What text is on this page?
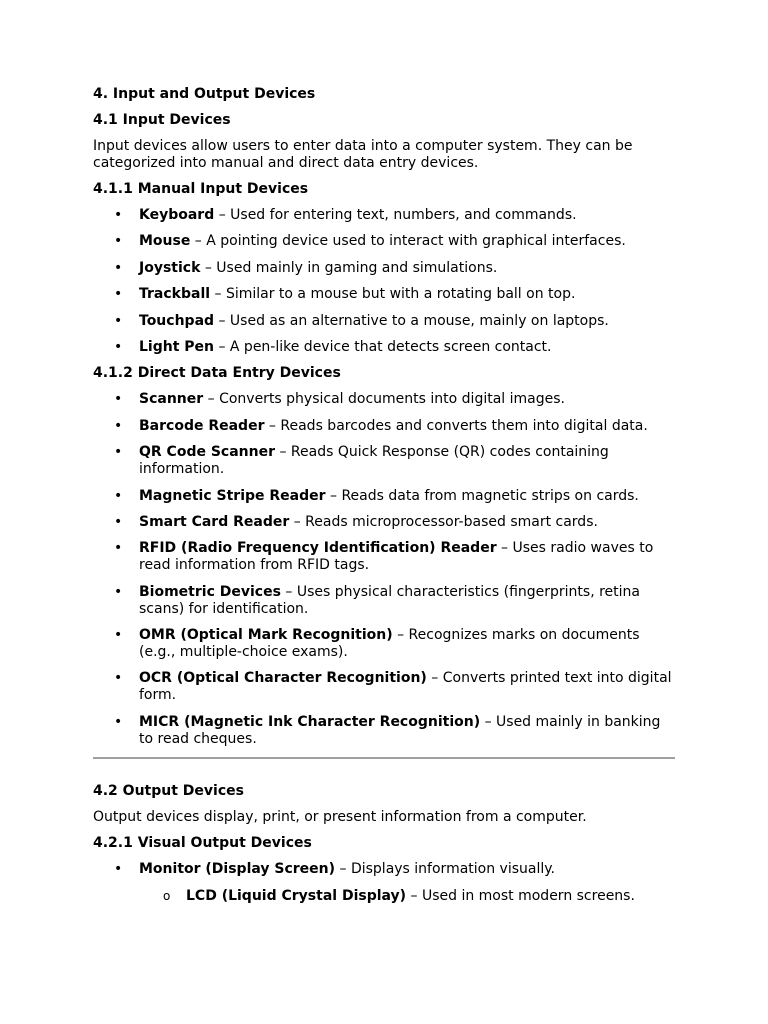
4. Input and Output Devices
4.1 Input Devices
Input devices allow users to enter data into a computer system. They can be categorized into manual and direct data entry devices.
4.1.1 Manual Input Devices
• Keyboard – Used for entering text, numbers, and commands.
• Mouse – A pointing device used to interact with graphical interfaces.
• Joystick – Used mainly in gaming and simulations.
• Trackball – Similar to a mouse but with a rotating ball on top.
• Touchpad – Used as an alternative to a mouse, mainly on laptops.
• Light Pen – A pen-like device that detects screen contact.
4.1.2 Direct Data Entry Devices
• Scanner – Converts physical documents into digital images.
• Barcode Reader – Reads barcodes and converts them into digital data.
• QR Code Scanner – Reads Quick Response (QR) codes containing information.
• Magnetic Stripe Reader – Reads data from magnetic strips on cards.
• Smart Card Reader – Reads microprocessor-based smart cards.
• RFID (Radio Frequency Identification) Reader – Uses radio waves to read information from RFID tags.
• Biometric Devices – Uses physical characteristics (fingerprints, retina scans) for identification.
• OMR (Optical Mark Recognition) – Recognizes marks on documents (e.g., multiple-choice exams).
• OCR (Optical Character Recognition) – Converts printed text into digital form.
• MICR (Magnetic Ink Character Recognition) – Used mainly in banking to read cheques.
4.2 Output Devices
Output devices display, print, or present information from a computer.
4.2.1 Visual Output Devices
• Monitor (Display Screen) – Displays information visually.
o LCD (Liquid Crystal Display) – Used in most modern screens.
